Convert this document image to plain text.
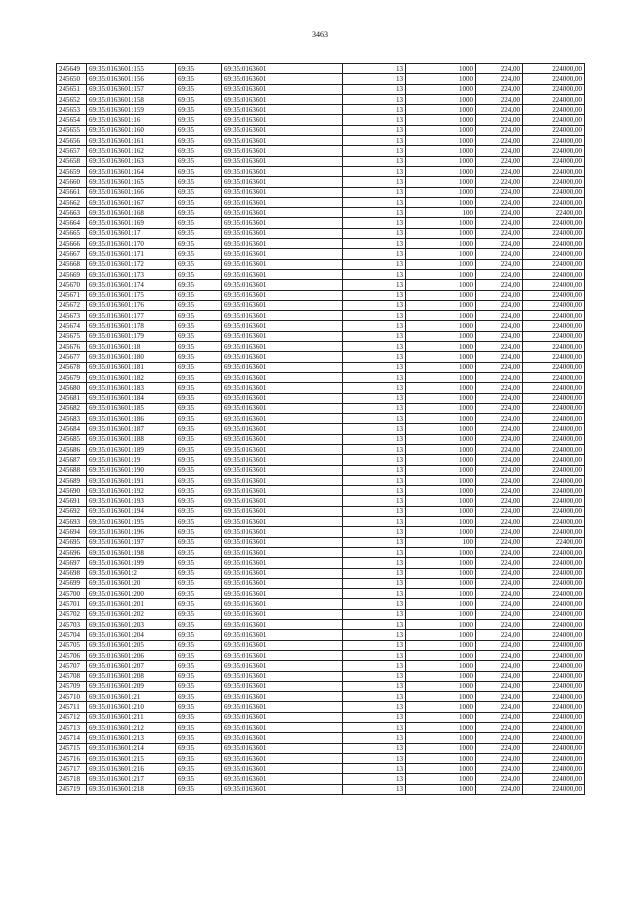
3463
245649	69:35:0163601:155	69:35	69:35:0163601	13	1000	224,00	224000,00
245650	69:35:0163601:156	69:35	69:35:0163601	13	1000	224,00	224000,00
245651	69:35:0163601:157	69:35	69:35:0163601	13	1000	224,00	224000,00
245652	69:35:0163601:158	69:35	69:35:0163601	13	1000	224,00	224000,00
245653	69:35:0163601:159	69:35	69:35:0163601	13	1000	224,00	224000,00
245654	69:35:0163601:16	69:35	69:35:0163601	13	1000	224,00	224000,00
245655	69:35:0163601:160	69:35	69:35:0163601	13	1000	224,00	224000,00
245656	69:35:0163601:161	69:35	69:35:0163601	13	1000	224,00	224000,00
245657	69:35:0163601:162	69:35	69:35:0163601	13	1000	224,00	224000,00
245658	69:35:0163601:163	69:35	69:35:0163601	13	1000	224,00	224000,00
245659	69:35:0163601:164	69:35	69:35:0163601	13	1000	224,00	224000,00
245660	69:35:0163601:165	69:35	69:35:0163601	13	1000	224,00	224000,00
245661	69:35:0163601:166	69:35	69:35:0163601	13	1000	224,00	224000,00
245662	69:35:0163601:167	69:35	69:35:0163601	13	1000	224,00	224000,00
245663	69:35:0163601:168	69:35	69:35:0163601	13	100	224,00	22400,00
245664	69:35:0163601:169	69:35	69:35:0163601	13	1000	224,00	224000,00
245665	69:35:0163601:17	69:35	69:35:0163601	13	1000	224,00	224000,00
245666	69:35:0163601:170	69:35	69:35:0163601	13	1000	224,00	224000,00
245667	69:35:0163601:171	69:35	69:35:0163601	13	1000	224,00	224000,00
245668	69:35:0163601:172	69:35	69:35:0163601	13	1000	224,00	224000,00
245669	69:35:0163601:173	69:35	69:35:0163601	13	1000	224,00	224000,00
245670	69:35:0163601:174	69:35	69:35:0163601	13	1000	224,00	224000,00
245671	69:35:0163601:175	69:35	69:35:0163601	13	1000	224,00	224000,00
245672	69:35:0163601:176	69:35	69:35:0163601	13	1000	224,00	224000,00
245673	69:35:0163601:177	69:35	69:35:0163601	13	1000	224,00	224000,00
245674	69:35:0163601:178	69:35	69:35:0163601	13	1000	224,00	224000,00
245675	69:35:0163601:179	69:35	69:35:0163601	13	1000	224,00	224000,00
245676	69:35:0163601:18	69:35	69:35:0163601	13	1000	224,00	224000,00
245677	69:35:0163601:180	69:35	69:35:0163601	13	1000	224,00	224000,00
245678	69:35:0163601:181	69:35	69:35:0163601	13	1000	224,00	224000,00
245679	69:35:0163601:182	69:35	69:35:0163601	13	1000	224,00	224000,00
245680	69:35:0163601:183	69:35	69:35:0163601	13	1000	224,00	224000,00
245681	69:35:0163601:184	69:35	69:35:0163601	13	1000	224,00	224000,00
245682	69:35:0163601:185	69:35	69:35:0163601	13	1000	224,00	224000,00
245683	69:35:0163601:186	69:35	69:35:0163601	13	1000	224,00	224000,00
245684	69:35:0163601:187	69:35	69:35:0163601	13	1000	224,00	224000,00
245685	69:35:0163601:188	69:35	69:35:0163601	13	1000	224,00	224000,00
245686	69:35:0163601:189	69:35	69:35:0163601	13	1000	224,00	224000,00
245687	69:35:0163601:19	69:35	69:35:0163601	13	1000	224,00	224000,00
245688	69:35:0163601:190	69:35	69:35:0163601	13	1000	224,00	224000,00
245689	69:35:0163601:191	69:35	69:35:0163601	13	1000	224,00	224000,00
245690	69:35:0163601:192	69:35	69:35:0163601	13	1000	224,00	224000,00
245691	69:35:0163601:193	69:35	69:35:0163601	13	1000	224,00	224000,00
245692	69:35:0163601:194	69:35	69:35:0163601	13	1000	224,00	224000,00
245693	69:35:0163601:195	69:35	69:35:0163601	13	1000	224,00	224000,00
245694	69:35:0163601:196	69:35	69:35:0163601	13	1000	224,00	224000,00
245695	69:35:0163601:197	69:35	69:35:0163601	13	100	224,00	22400,00
245696	69:35:0163601:198	69:35	69:35:0163601	13	1000	224,00	224000,00
245697	69:35:0163601:199	69:35	69:35:0163601	13	1000	224,00	224000,00
245698	69:35:0163601:2	69:35	69:35:0163601	13	1000	224,00	224000,00
245699	69:35:0163601:20	69:35	69:35:0163601	13	1000	224,00	224000,00
245700	69:35:0163601:200	69:35	69:35:0163601	13	1000	224,00	224000,00
245701	69:35:0163601:201	69:35	69:35:0163601	13	1000	224,00	224000,00
245702	69:35:0163601:202	69:35	69:35:0163601	13	1000	224,00	224000,00
245703	69:35:0163601:203	69:35	69:35:0163601	13	1000	224,00	224000,00
245704	69:35:0163601:204	69:35	69:35:0163601	13	1000	224,00	224000,00
245705	69:35:0163601:205	69:35	69:35:0163601	13	1000	224,00	224000,00
245706	69:35:0163601:206	69:35	69:35:0163601	13	1000	224,00	224000,00
245707	69:35:0163601:207	69:35	69:35:0163601	13	1000	224,00	224000,00
245708	69:35:0163601:208	69:35	69:35:0163601	13	1000	224,00	224000,00
245709	69:35:0163601:209	69:35	69:35:0163601	13	1000	224,00	224000,00
245710	69:35:0163601:21	69:35	69:35:0163601	13	1000	224,00	224000,00
245711	69:35:0163601:210	69:35	69:35:0163601	13	1000	224,00	224000,00
245712	69:35:0163601:211	69:35	69:35:0163601	13	1000	224,00	224000,00
245713	69:35:0163601:212	69:35	69:35:0163601	13	1000	224,00	224000,00
245714	69:35:0163601:213	69:35	69:35:0163601	13	1000	224,00	224000,00
245715	69:35:0163601:214	69:35	69:35:0163601	13	1000	224,00	224000,00
245716	69:35:0163601:215	69:35	69:35:0163601	13	1000	224,00	224000,00
245717	69:35:0163601:216	69:35	69:35:0163601	13	1000	224,00	224000,00
245718	69:35:0163601:217	69:35	69:35:0163601	13	1000	224,00	224000,00
245719	69:35:0163601:218	69:35	69:35:0163601	13	1000	224,00	224000,00
